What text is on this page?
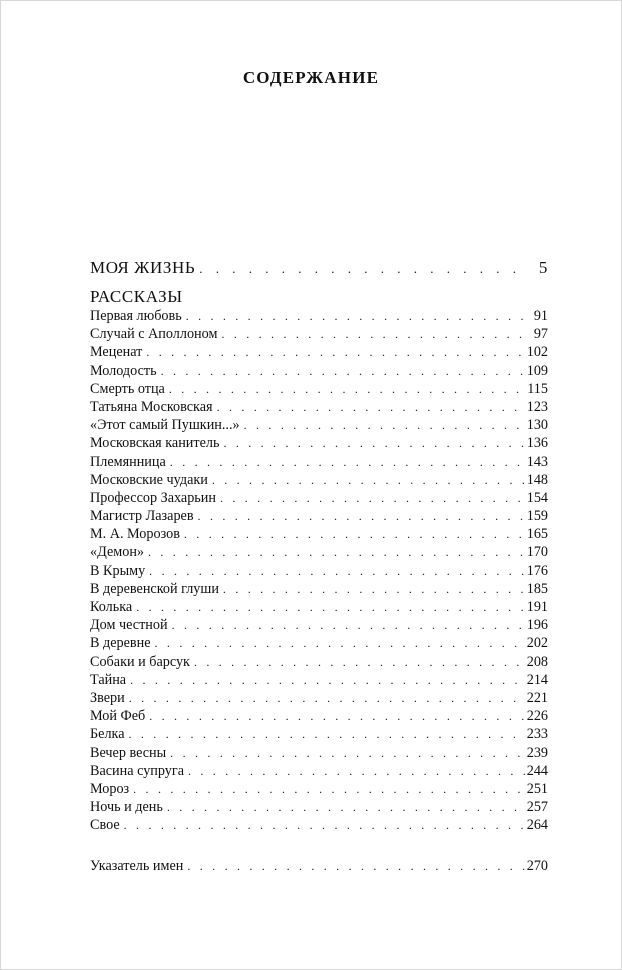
СОДЕРЖАНИЕ
МОЯ ЖИЗНЬ . . .	5
РАССКАЗЫ
Первая любовь . . .	91
Случай с Аполлоном . . .	97
Меценат . . .	102
Молодость . . .	109
Смерть отца . . .	115
Татьяна Московская . . .	123
«Этот самый Пушкин...» . . .	130
Московская канитель . . .	136
Племянница . . .	143
Московские чудаки . . .	148
Профессор Захарьин . . .	154
Магистр Лазарев . . .	159
М. А. Морозов . . .	165
«Демон» . . .	170
В Крыму . . .	176
В деревенской глуши . . .	185
Колька . . .	191
Дом честной . . .	196
В деревне . . .	202
Собаки и барсук . . .	208
Тайна . . .	214
Звери . . .	221
Мой Феб . . .	226
Белка . . .	233
Вечер весны . . .	239
Васина супруга . . .	244
Мороз . . .	251
Ночь и день . . .	257
Свое . . .	264
Указатель имен . . .	270
